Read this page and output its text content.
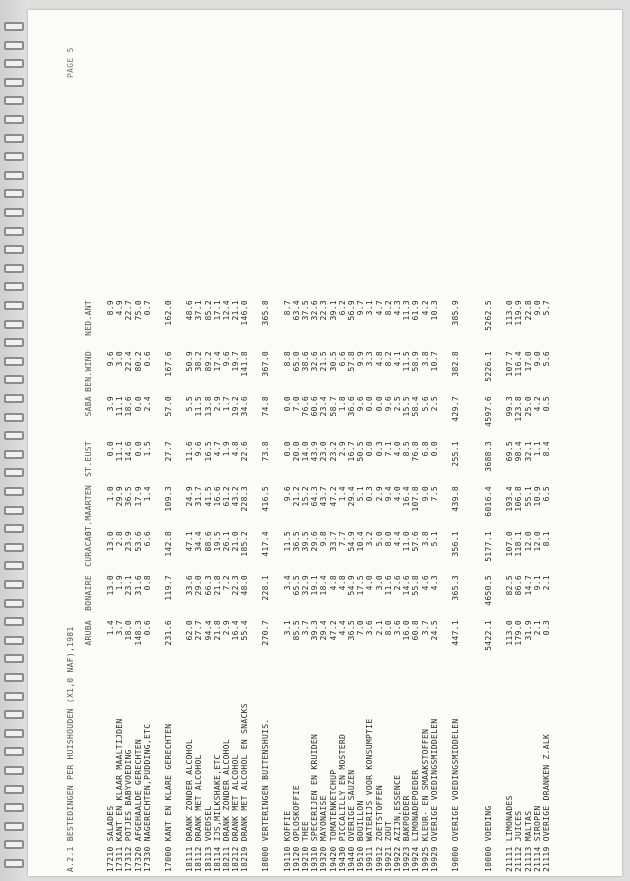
A.2.1 BESTEDINGEN PER HUISHOUDEN (X1,0 NAF),1981
PAGE 5
ARUBA
BONAIRE
CURACAO
ST.MAARTEN
ST.EUST
SABA
BEN.WIND
NED.ANT
17210 SALADES
1.4
13.0
13.0
1.0
0.0
3.9
9.6
8.9
17311 KANT EN KLAAR MAALTIJDEN
3.7
1.9
2.8
29.9
11.1
11.1
3.0
4.9
17312 POTJES BABYVOEDING
18.0
23.1
23.9
36.5
14.6
18.6
22.4
22.7
17320 AFGEHAALDE GERECHTEN
148.3
31.6
53.6
17.9
0.0
0.0
80.2
75.0
17330 NAGERECHTEN,PUDDING,ETC
0.6
0.8
6.6
1.4
1.5
2.4
0.6
0.7
17000 KANT EN KLARE GERECHTEN
231.6
119.7
142.8
109.3
27.7
57.0
167.6
162.0
18111 DRANK ZONDER ALCOHOL
62.0
33.6
47.1
24.9
11.6
5.5
50.9
48.6
18112 DRANK MET ALCOHOL
27.7
29.0
34.4
31.7
9.6
11.5
38.2
37.1
18113 VOEDSEL
94.4
66.3
88.6
41.5
16.5
13.8
89.2
85.2
18114 IJS,MILKSHAKE,ETC
21.8
21.8
19.5
16.6
4.7
2.9
17.4
17.1
18211 DRANK ZONDER ALCOHOL
2.9
7.2
26.1
61.2
1.9
1.7
9.6
12.4
18212 DRANK MET ALCOHOL
16.4
22.3
21.0
43.2
4.8
19.2
19.7
21.1
18219 DRANK MET ALCOHOL EN SNACKS
55.4
48.0
185.2
228.3
22.6
34.6
141.8
146.0
18000 VERTERINGEN BUITENSHUIS.
270.7
228.1
417.4
416.5
73.8
74.8
367.0
365.8
19110 KOFFIE
3.1
3.4
11.5
9.6
0.0
0.0
8.8
8.7
19120 OPLOSKOFFIE
85.5
65.5
36.5
21.2
20.0
7.0
65.0
63.4
19210 THEE
3.7
32.9
39.5
15.2
14.0
76.6
38.6
37.5
19310 SPECERIJEN EN KRUIDEN
39.3
19.1
29.6
64.3
43.9
60.6
32.6
32.6
19320 MAYONAISE
29.4
18.4
9.8
43.7
23.0
23.4
21.5
22.3
19420 TOMATENKETCHUP
47.2
4.8
33.7
47.2
23.2
58.7
30.5
39.1
19430 PICCALILLY EN MOSTERD
4.4
4.8
7.7
1.4
2.9
1.8
6.6
6.2
19440 OVERIGE SAUZEN
36.5
54.9
54.9
29.4
16.7
36.6
57.8
56.9
19510 BOUILLON
7.0
17.5
10.4
5.1
50.5
9.6
9.9
9.7
19911 WATERIJS VOOR KONSUMPTIE
3.6
4.0
3.2
0.3
0.0
0.0
3.3
3.1
19912 ZOETSTOFFEN
2.1
3.0
5.0
2.9
0.3
0.0
4.8
4.7
19921 ZOUT
8.0
11.6
8.0
9.4
7.1
9.6
8.2
8.2
19922 AZIJN,ESSENCE
3.6
2.6
4.4
4.0
4.0
2.5
4.1
4.3
19923 BAKPOEDER
16.0
14.6
11.0
16.4
8.5
15.5
11.5
11.3
19924 LIMONADEPOEDER
60.8
55.8
57.6
107.8
76.8
58.4
58.9
61.9
19925 KLEUR- EN SMAAKSTOFFEN
3.7
4.6
3.8
9.0
6.8
5.6
3.8
4.2
19929 OVERIGE VOEDINGSMIDDELEN
24.5
4.3
5.1
7.5
0.0
2.5
10.7
10.3
19000 OVERIGE VOEDINGSMIDDELEN
447.1
365.3
356.1
439.8
255.1
429.7
382.8
385.9
10000 VOEDING
5422.1
4650.5
5177.1
6016.4
3688.3
4597.6
5226.1
5262.5
21111 LIMONADES
113.0
82.5
107.0
193.4
69.5
99.3
107.7
113.0
21112 JUICES
179.0
86.6
118.1
106.8
98.4
123.8
116.4
119.9
21113 MALTAS
31.9
14.7
12.0
55.1
32.1
25.0
17.0
22.8
21114 SIROPEN
2.1
9.1
12.0
10.9
1.1
4.2
9.0
9.0
21119 OVERIGE DRANKEN Z.ALK
0.3
2.1
8.1
6.5
8.4
0.5
5.6
5.7
